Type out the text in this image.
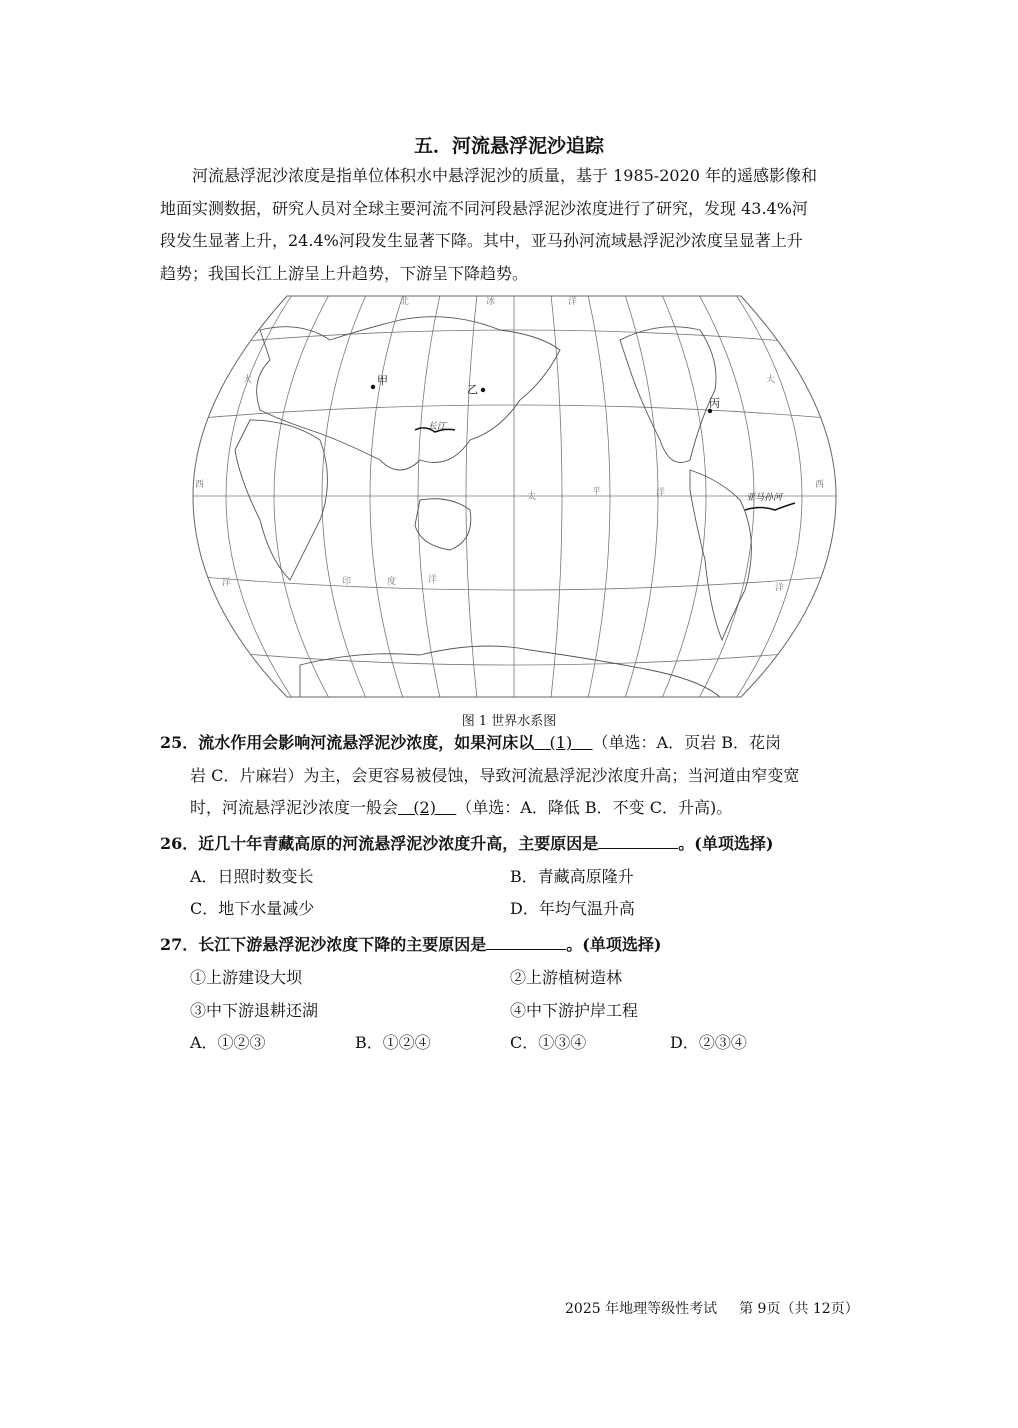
五．河流悬浮泥沙追踪
河流悬浮泥沙浓度是指单位体积水中悬浮泥沙的质量，基于 1985-2020 年的遥感影像和
地面实测数据，研究人员对全球主要河流不同河段悬浮泥沙浓度进行了研究，发现 43.4%河
段发生显著上升，24.4%河段发生显著下降。其中，亚马孙河流域悬浮泥沙浓度呈显著上升
趋势；我国长江上游呈上升趋势，下游呈下降趋势。
甲
乙
丙
长江
亚马孙河
北	冰	洋
大
西
洋
大
西
洋
印	度	洋
太	平	洋
图 1 世界水系图
25．流水作用会影响河流悬浮泥沙浓度，如果河床以   (1)    （单选：A．页岩 B．花岗
岩 C．片麻岩）为主，会更容易被侵蚀，导致河流悬浮泥沙浓度升高；当河道由窄变宽
时，河流悬浮泥沙浓度一般会   (2)    （单选：A．降低 B．不变 C．升高)。
26．近几十年青藏高原的河流悬浮泥沙浓度升高，主要原因是	。(单项选择)
A．日照时数变长	B．青藏高原隆升
C．地下水量减少	D．年均气温升高
27．长江下游悬浮泥沙浓度下降的主要原因是	。(单项选择)
①上游建设大坝	②上游植树造林
③中下游退耕还湖	④中下游护岸工程
A．①②③	B．①②④	C．①③④	D．②③④
2025 年地理等级性考试 第 9页（共 12页）
